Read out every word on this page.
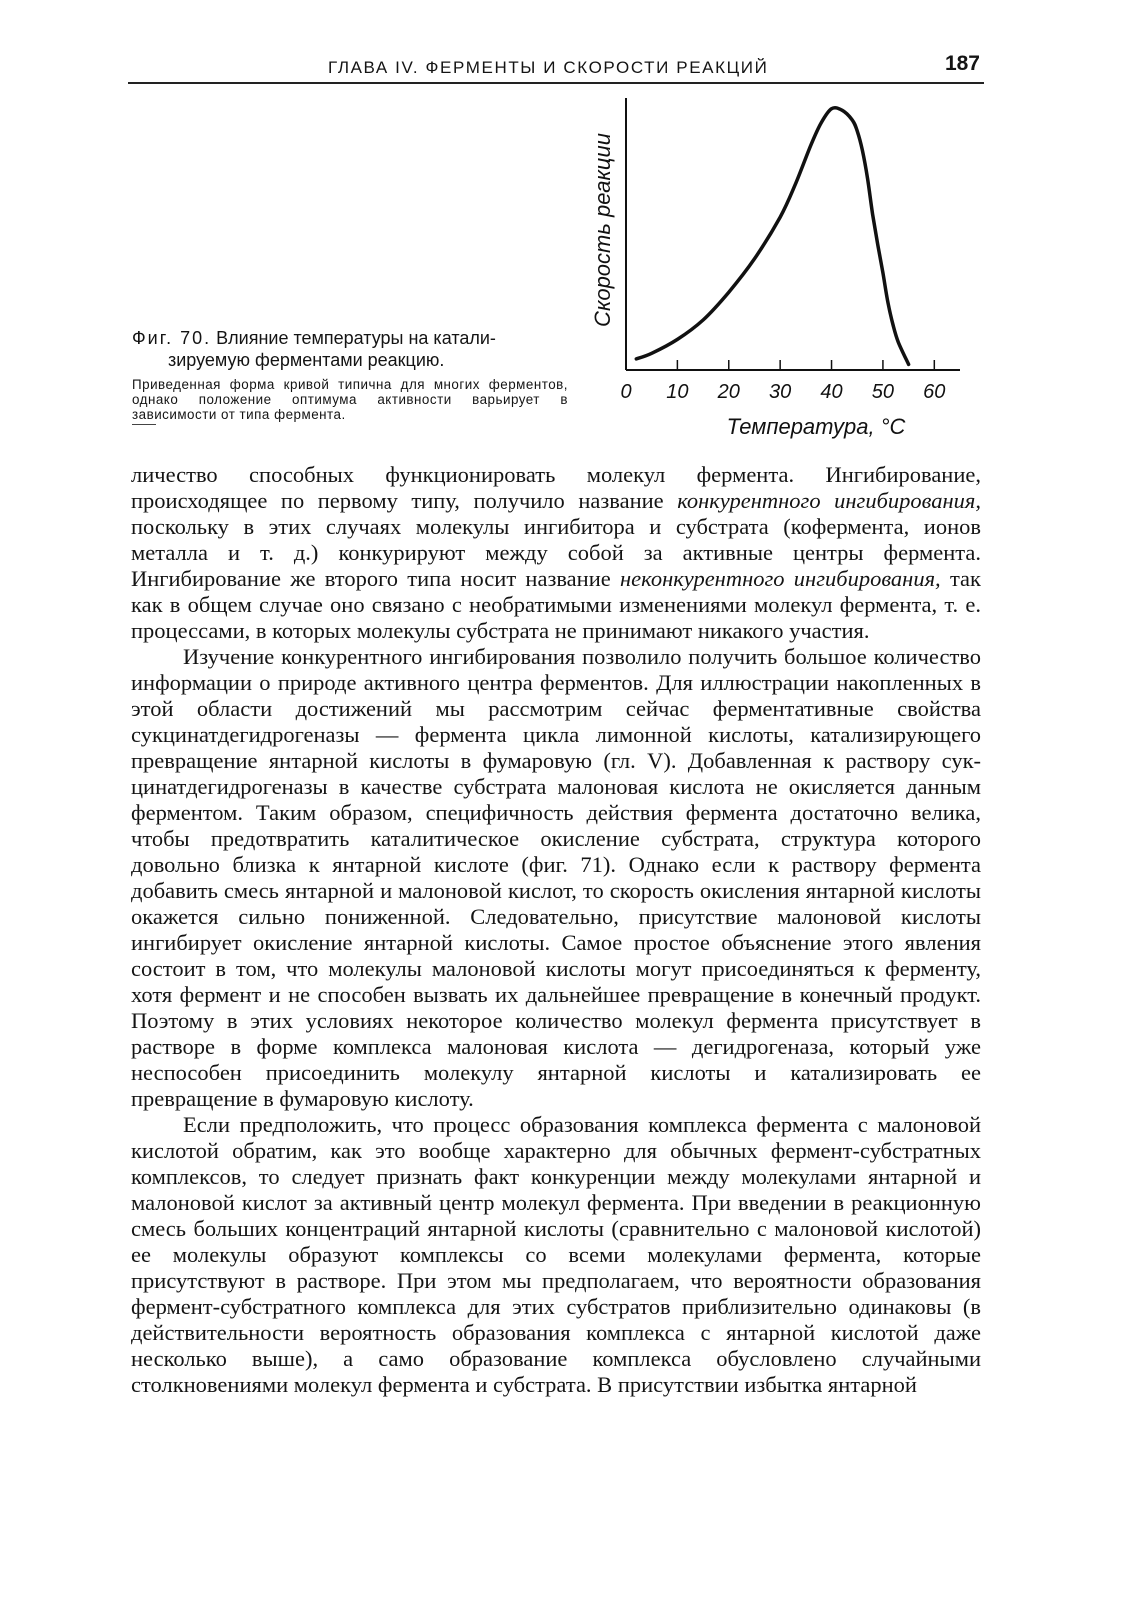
ГЛАВА IV. ФЕРМЕНТЫ И СКОРОСТИ РЕАКЦИЙ	187
Фиг. 70. Влияние температуры на катали-
зируемую ферментами реакцию.
Приведенная форма кривой типична для многих ферментов, однако положение оптимума активности варьирует в зависимости от типа фермента.
0 10 20 30 40 50 60
Температура, °С
Скорость реакции

личество способных функционировать молекул фермента. Ингибирование, происходящее по первому типу, получило название конкурентного ингибирования, поскольку в этих случаях молекулы ингибитора и субстрата (кофермента, ионов металла и т. д.) конкурируют между собой за активные центры фермента. Ингибирование же второго типа носит название неконкурентного ингибирования, так как в общем случае оно связано с необратимыми изменениями молекул фермента, т. е. процессами, в которых молекулы субстрата не принимают никакого участия.

Изучение конкурентного ингибирования позволило получить большое количество информации о природе активного центра ферментов. Для иллюстрации накопленных в этой области достижений мы рассмотрим сейчас ферментативные свойства сукцинатдегидрогеназы — фермента цикла лимонной кислоты, катализирующего превращение янтарной кислоты в фумаровую (гл. V). Добавленная к раствору сукцинатдегидрогеназы в качестве субстрата малоновая кислота не окисляется данным ферментом. Таким образом, специфичность действия фермента достаточно велика, чтобы предотвратить каталитическое окисление субстрата, структура которого довольно близка к янтарной кислоте (фиг. 71). Однако если к раствору фермента добавить смесь янтарной и малоновой кислот, то скорость окисления янтарной кислоты окажется сильно пониженной. Следовательно, присутствие малоновой кислоты ингибирует окисление янтарной кислоты. Самое простое объяснение этого явления состоит в том, что молекулы малоновой кислоты могут присоединяться к ферменту, хотя фермент и не способен вызвать их дальнейшее превращение в конечный продукт. Поэтому в этих условиях некоторое количество молекул фермента присутствует в растворе в форме комплекса малоновая кислота — дегидрогеназа, который уже неспособен присоединить молекулу янтарной кислоты и катализировать ее превращение в фумаровую кислоту.

Если предположить, что процесс образования комплекса фермента с малоновой кислотой обратим, как это вообще характерно для обычных фермент-субстратных комплексов, то следует признать факт конкуренции между молекулами янтарной и малоновой кислот за активный центр молекул фермента. При введении в реакционную смесь больших концентраций янтарной кислоты (сравнительно с малоновой кислотой) ее молекулы образуют комплексы со всеми молекулами фермента, которые присутствуют в растворе. При этом мы предполагаем, что вероятности образования фермент-субстратного комплекса для этих субстратов приблизительно одинаковы (в действительности вероятность образования комплекса с янтарной кислотой даже несколько выше), а само образование комплекса обусловлено случайными столкновениями молекул фермента и субстрата. В присутствии избытка янтарной
